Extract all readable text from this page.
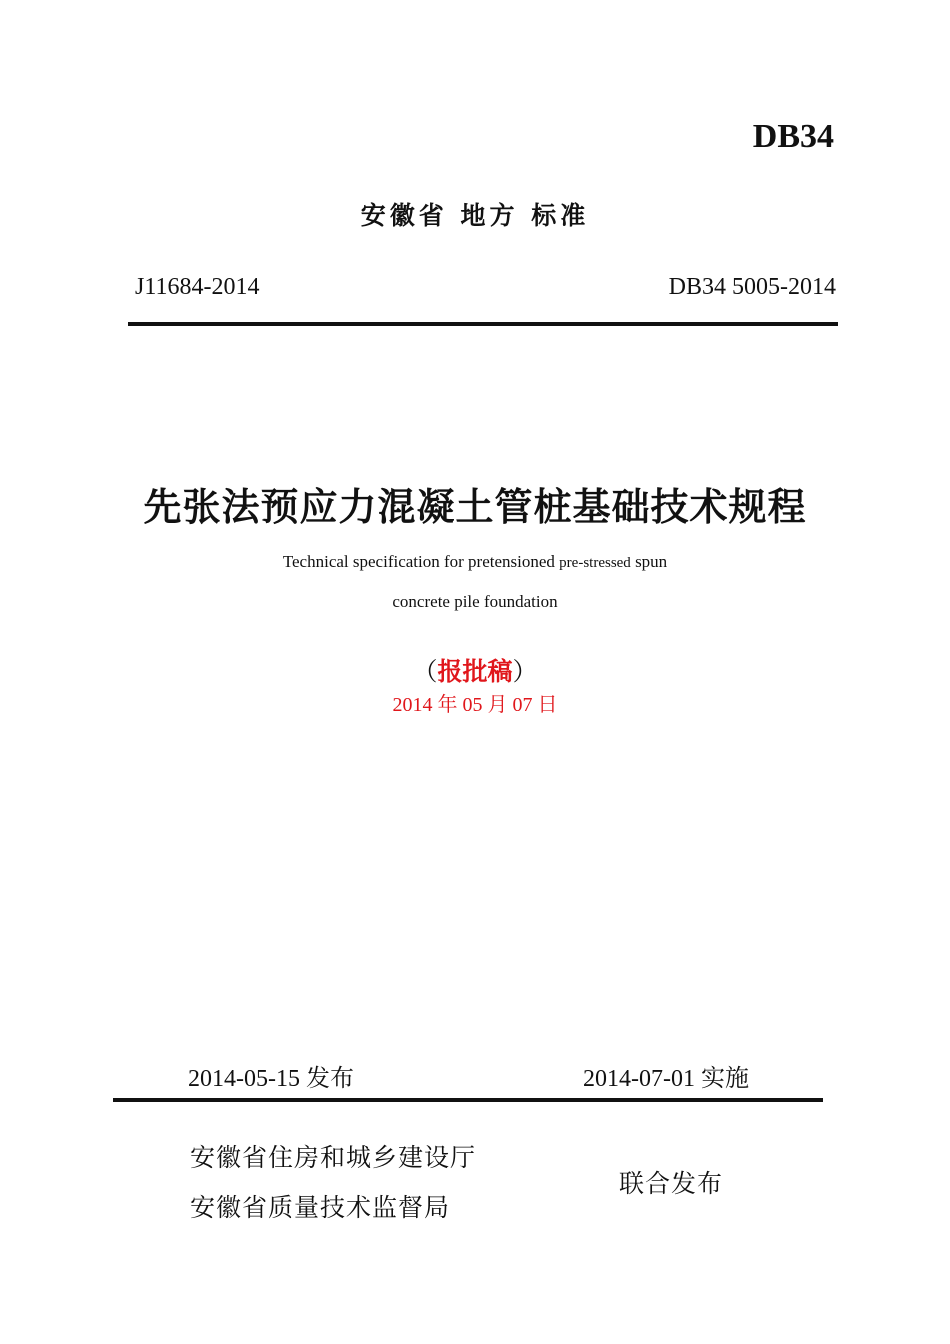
DB34
安徽省 地方 标准
J11684-2014	DB34 5005-2014
先张法预应力混凝土管桩基础技术规程
Technical specification for pretensioned pre-stressed spun
concrete pile foundation
（报批稿）
2014 年 05 月 07 日
2014-05-15 发布	2014-07-01 实施
安徽省住房和城乡建设厅
安徽省质量技术监督局
联合发布
